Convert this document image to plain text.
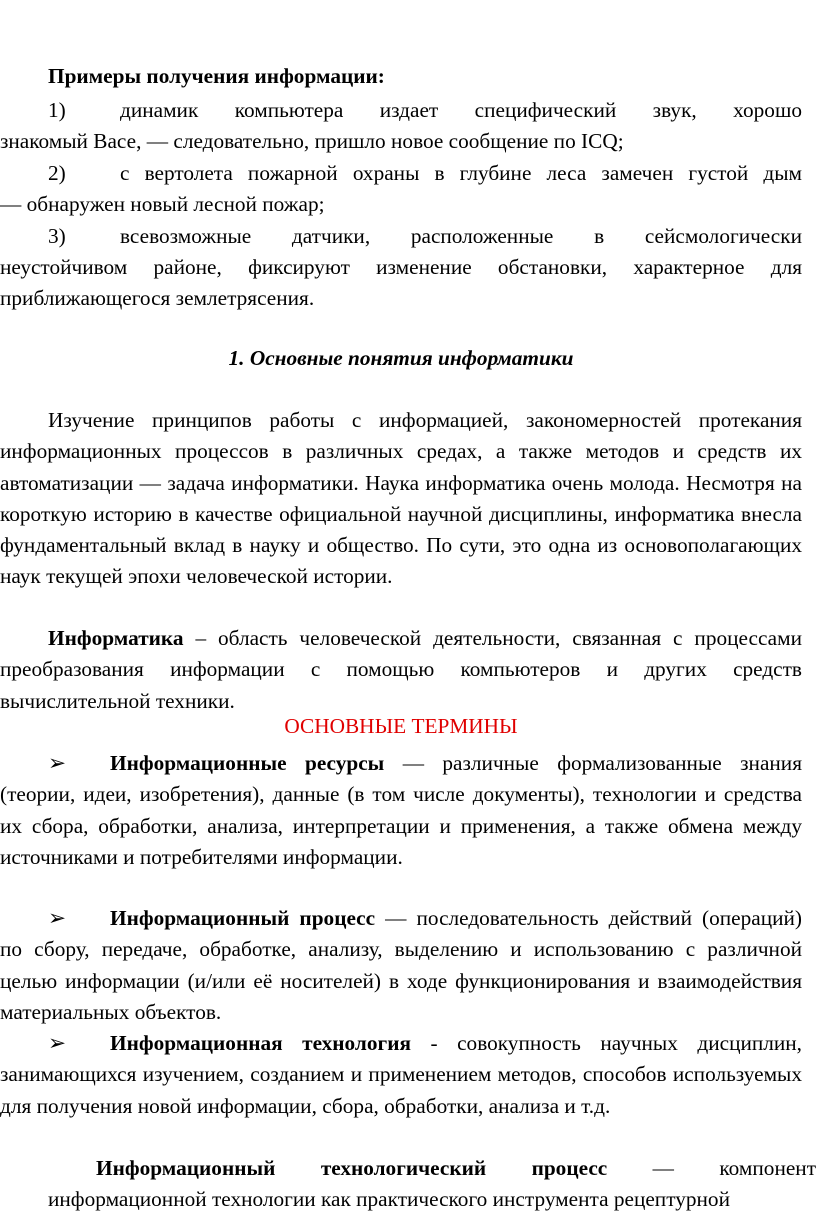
Примеры получения информации:

1)	динамик компьютера издает специфический звук, хорошо

знакомый Васе, — следовательно, пришло новое сообщение по ICQ;

2)	с вертолета пожарной охраны в глубине леса замечен густой дым

— обнаружен новый лесной пожар;

3)	всевозможные датчики, расположенные в сейсмологически

неустойчивом районе, фиксируют изменение обстановки, характерное для приближающегося землетрясения.

1. Основные понятия информатики

Изучение принципов работы с информацией, закономерностей протекания информационных процессов в различных средах, а также методов и средств их автоматизации — задача информатики. Наука информатика очень молода. Несмотря на короткую историю в качестве официальной научной дисциплины, информатика внесла фундаментальный вклад в науку и общество. По сути, это одна из основополагающих наук текущей эпохи человеческой истории.

Информатика – область человеческой деятельности, связанная с процессами преобразования информации с помощью компьютеров и других средств вычислительной техники.

ОСНОВНЫЕ ТЕРМИНЫ

➢ Информационные ресурсы — различные формализованные знания (теории, идеи, изобретения), данные (в том числе документы), технологии и средства их сбора, обработки, анализа, интерпретации и применения, а также обмена между источниками и потребителями информации.

➢ Информационный процесс — последовательность действий (операций) по сбору, передаче, обработке, анализу, выделению и использованию с различной целью информации (и/или её носителей) в ходе функционирования и взаимодействия материальных объектов.

➢ Информационная технология - совокупность научных дисциплин, занимающихся изучением, созданием и применением методов, способов используемых для получения новой информации, сбора, обработки, анализа и т.д.

Информационный технологический процесс — компонент информационной технологии как практического инструмента рецептурной
